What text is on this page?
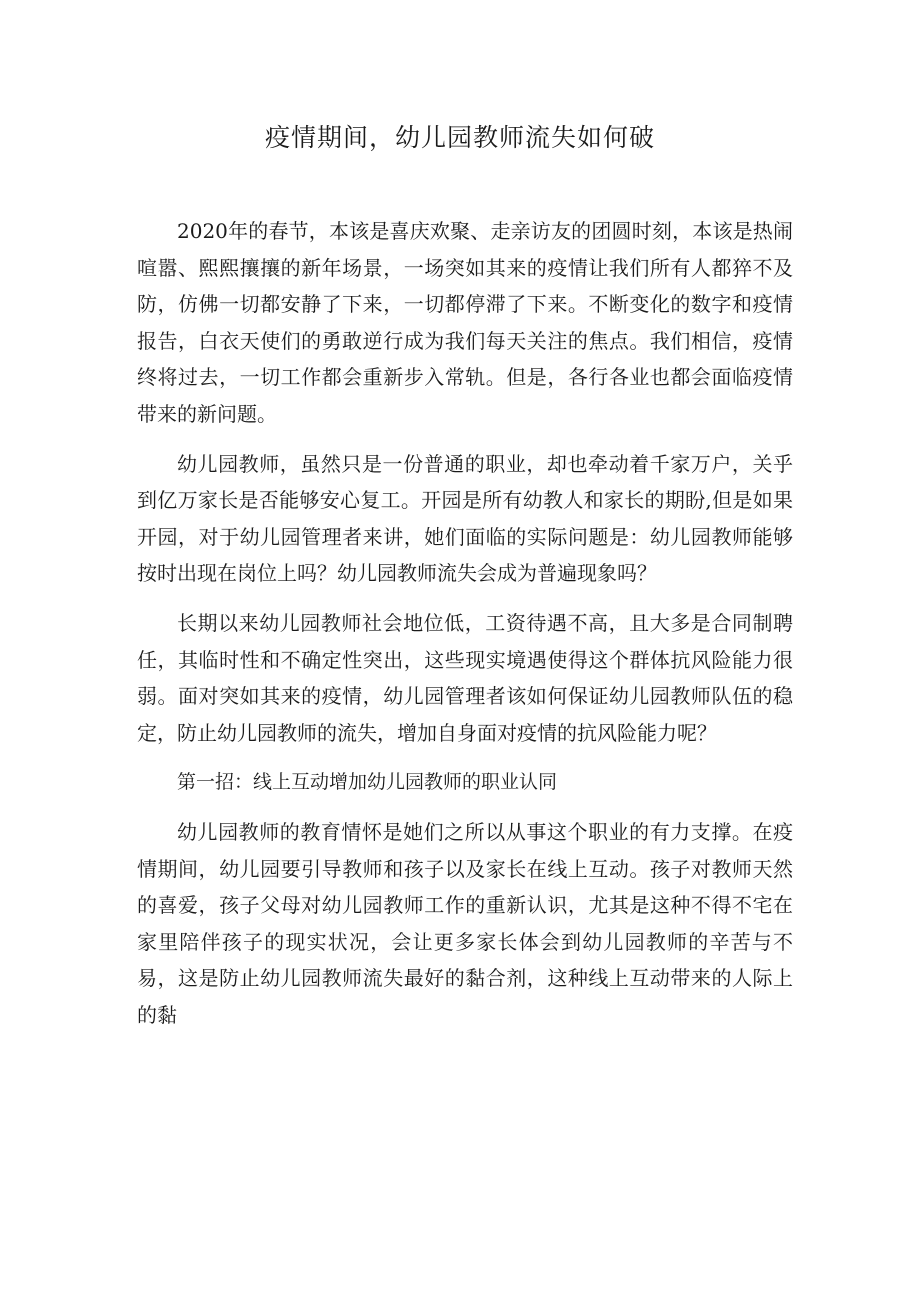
疫情期间，幼儿园教师流失如何破

2020年的春节，本该是喜庆欢聚、走亲访友的团圆时刻，本该是热闹喧嚣、熙熙攘攘的新年场景，一场突如其来的疫情让我们所有人都猝不及防，仿佛一切都安静了下来，一切都停滞了下来。不断变化的数字和疫情报告，白衣天使们的勇敢逆行成为我们每天关注的焦点。我们相信，疫情终将过去，一切工作都会重新步入常轨。但是，各行各业也都会面临疫情带来的新问题。

幼儿园教师，虽然只是一份普通的职业，却也牵动着千家万户，关乎到亿万家长是否能够安心复工。开园是所有幼教人和家长的期盼,但是如果开园，对于幼儿园管理者来讲，她们面临的实际问题是：幼儿园教师能够按时出现在岗位上吗？幼儿园教师流失会成为普遍现象吗？

长期以来幼儿园教师社会地位低，工资待遇不高，且大多是合同制聘任，其临时性和不确定性突出，这些现实境遇使得这个群体抗风险能力很弱。面对突如其来的疫情，幼儿园管理者该如何保证幼儿园教师队伍的稳定，防止幼儿园教师的流失，增加自身面对疫情的抗风险能力呢？

第一招：线上互动增加幼儿园教师的职业认同

幼儿园教师的教育情怀是她们之所以从事这个职业的有力支撑。在疫情期间，幼儿园要引导教师和孩子以及家长在线上互动。孩子对教师天然的喜爱，孩子父母对幼儿园教师工作的重新认识，尤其是这种不得不宅在家里陪伴孩子的现实状况，会让更多家长体会到幼儿园教师的辛苦与不易，这是防止幼儿园教师流失最好的黏合剂，这种线上互动带来的人际上的黏
